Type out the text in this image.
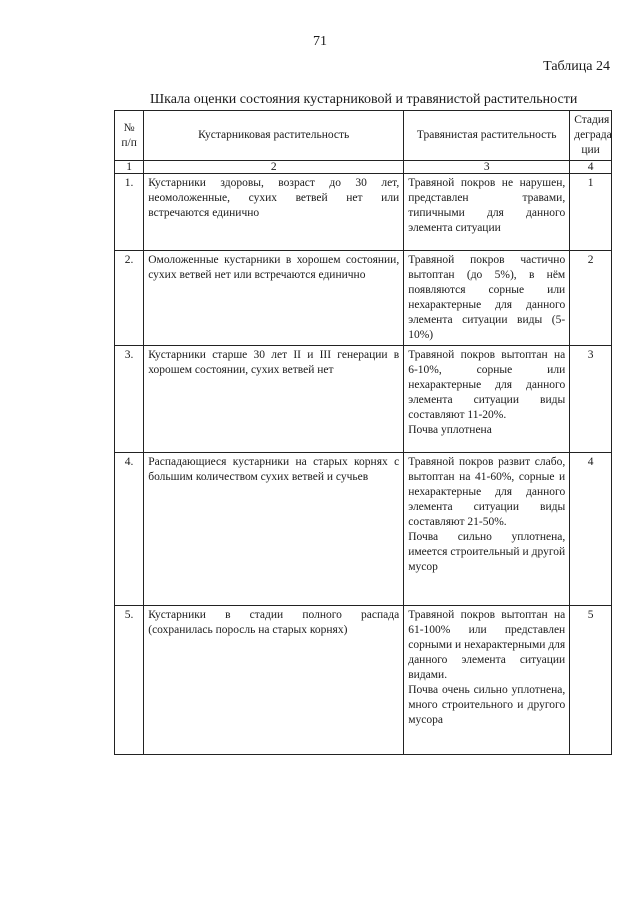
71
Таблица 24
Шкала оценки состояния кустарниковой и травянистой растительности
№ п/п	Кустарниковая растительность	Травянистая растительность	Стадия деграда ции
1	2	3	4
1.	Кустарники здоровы, возраст до 30 лет, неомоложенные, сухих ветвей нет или встречаются единично	Травяной покров не нарушен, представлен травами, типичными для данного элемента ситуации	1
2.	Омоложенные кустарники в хорошем состоянии, сухих ветвей нет или встречаются единично	Травяной покров частично вытоптан (до 5%), в нём появляются сорные или нехарактерные для данного элемента ситуации виды (5-10%)	2
3.	Кустарники старше 30 лет II и III генерации в хорошем состоянии, сухих ветвей нет	Травяной покров вытоптан на 6-10%, сорные или нехарактерные для данного элемента ситуации виды составляют 11-20%.

Почва уплотнена	3
4.	Распадающиеся кустарники на старых корнях с большим количеством сухих ветвей и сучьев	Травяной покров развит слабо, вытоптан на 41-60%, сорные и нехарактерные для данного элемента ситуации виды составляют 21-50%.

Почва сильно уплотнена, имеется строительный и другой мусор	4
5.	Кустарники в стадии полного распада (сохранилась поросль на старых корнях)	Травяной покров вытоптан на 61-100% или представлен сорными и нехарактерными для данного элемента ситуации видами.

Почва очень сильно уплотнена, много строительного и другого мусора	5
